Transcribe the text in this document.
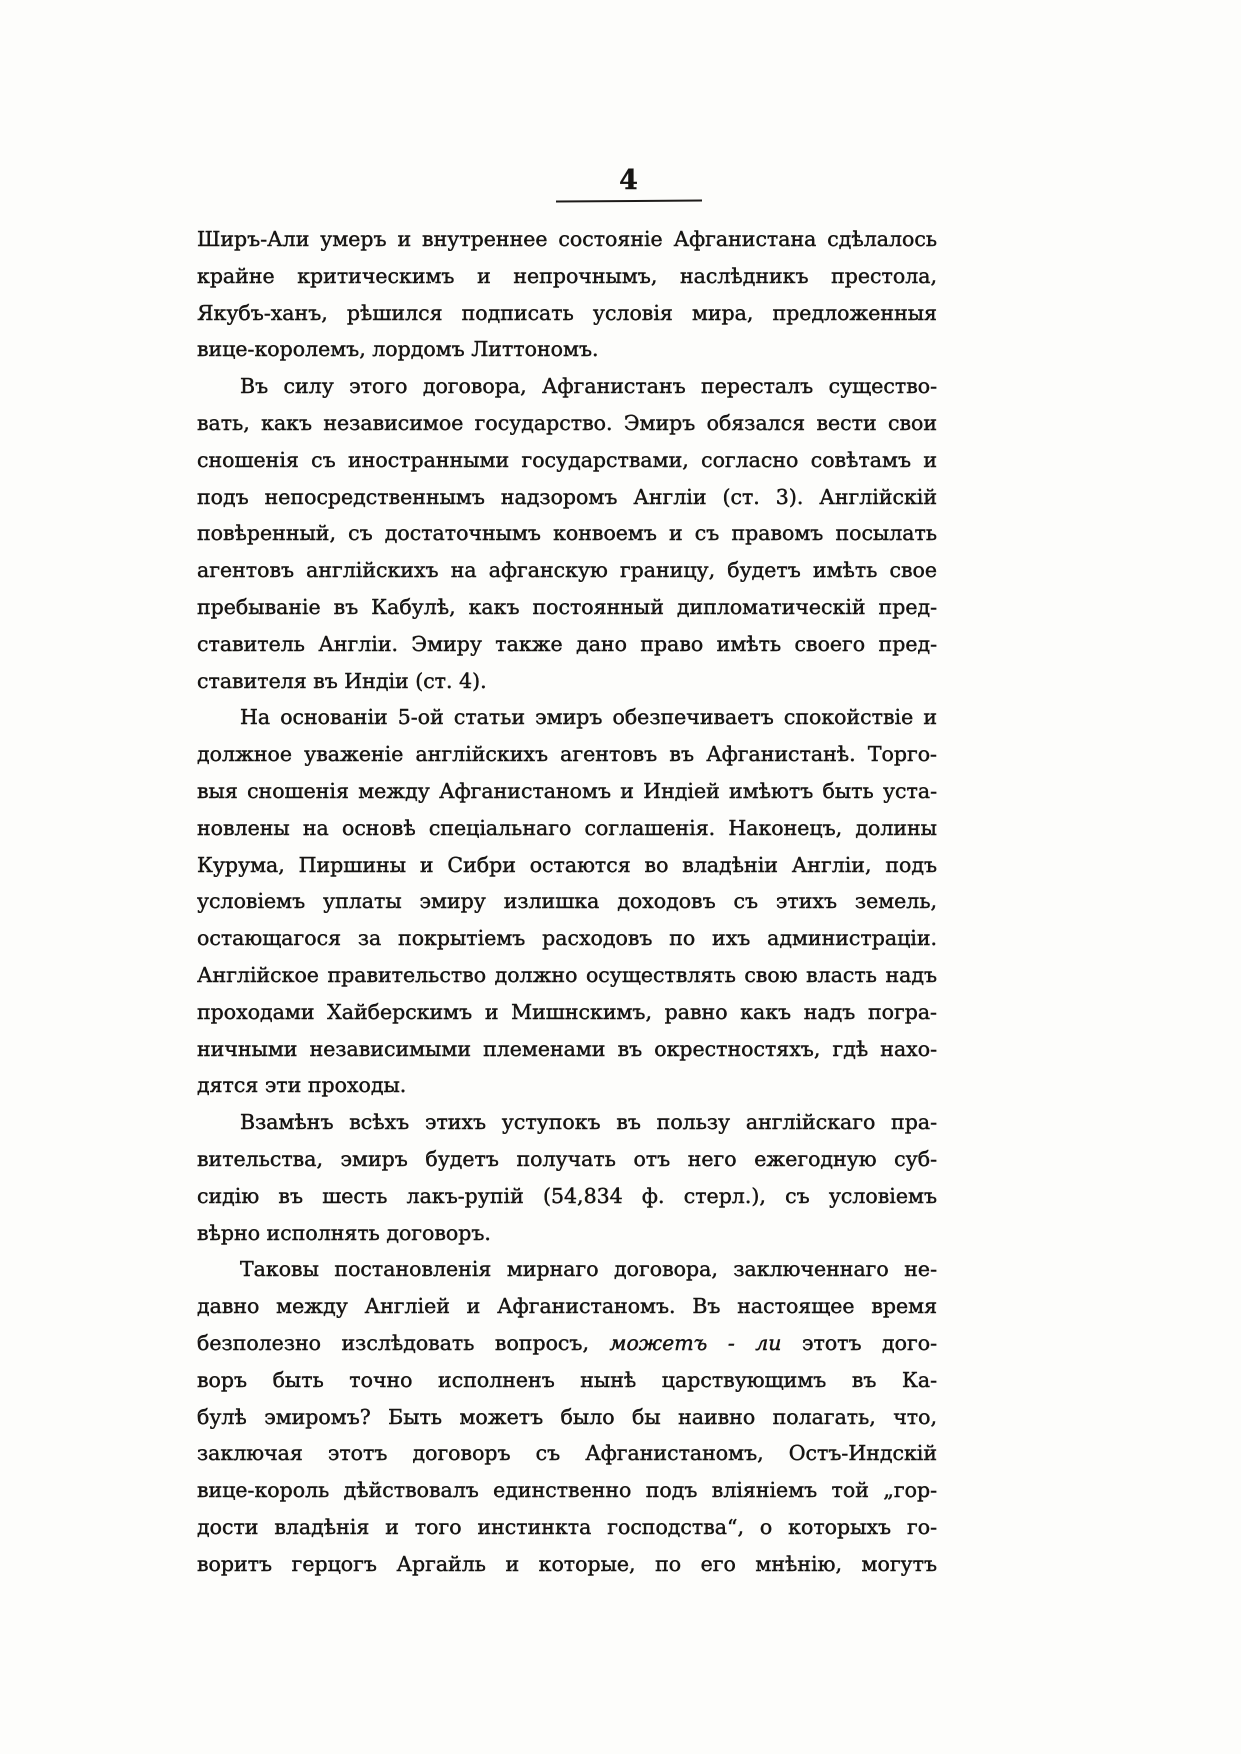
4

Ширъ-Али умеръ и внутреннее состояніе Афганистана сдѣлалось
крайне критическимъ и непрочнымъ, наслѣдникъ престола,
Якубъ-ханъ, рѣшился подписать условія мира, предложенныя
вице-королемъ, лордомъ Литтономъ.

Въ силу этого договора, Афганистанъ пересталъ существо-
вать, какъ независимое государство. Эмиръ обязался вести свои
сношенія съ иностранными государствами, согласно совѣтамъ и
подъ непосредственнымъ надзоромъ Англіи (ст. 3). Англійскій
повѣренный, съ достаточнымъ конвоемъ и съ правомъ посылать
агентовъ англійскихъ на афганскую границу, будетъ имѣть свое
пребываніе въ Кабулѣ, какъ постоянный дипломатическій пред-
ставитель Англіи. Эмиру также дано право имѣть своего пред-
ставителя въ Индіи (ст. 4).

На основаніи 5-ой статьи эмиръ обезпечиваетъ спокойствіе и
должное уваженіе англійскихъ агентовъ въ Афганистанѣ. Торго-
выя сношенія между Афганистаномъ и Индіей имѣютъ быть уста-
новлены на основѣ спеціальнаго соглашенія. Наконецъ, долины
Курума, Пиршины и Сибри остаются во владѣніи Англіи, подъ
условіемъ уплаты эмиру излишка доходовъ съ этихъ земель,
остающагося за покрытіемъ расходовъ по ихъ администраціи.
Англійское правительство должно осуществлять свою власть надъ
проходами Хайберскимъ и Мишнскимъ, равно какъ надъ погра-
ничными независимыми племенами въ окрестностяхъ, гдѣ нахо-
дятся эти проходы.

Взамѣнъ всѣхъ этихъ уступокъ въ пользу англійскаго пра-
вительства, эмиръ будетъ получать отъ него ежегодную суб-
сидію въ шесть лакъ-рупій (54,834 ф. стерл.), съ условіемъ
вѣрно исполнять договоръ.

Таковы постановленія мирнаго договора, заключеннаго не-
давно между Англіей и Афганистаномъ. Въ настоящее время
безполезно изслѣдовать вопросъ, можетъ - ли этотъ дого-
воръ быть точно исполненъ нынѣ царствующимъ въ Ка-
булѣ эмиромъ? Быть можетъ было бы наивно полагать, что,
заключая этотъ договоръ съ Афганистаномъ, Остъ-Индскій
вице-король дѣйствовалъ единственно подъ вліяніемъ той „гор-
дости владѣнія и того инстинкта господства“, о которыхъ го-
воритъ герцогъ Аргайль и которые, по его мнѣнію, могутъ
